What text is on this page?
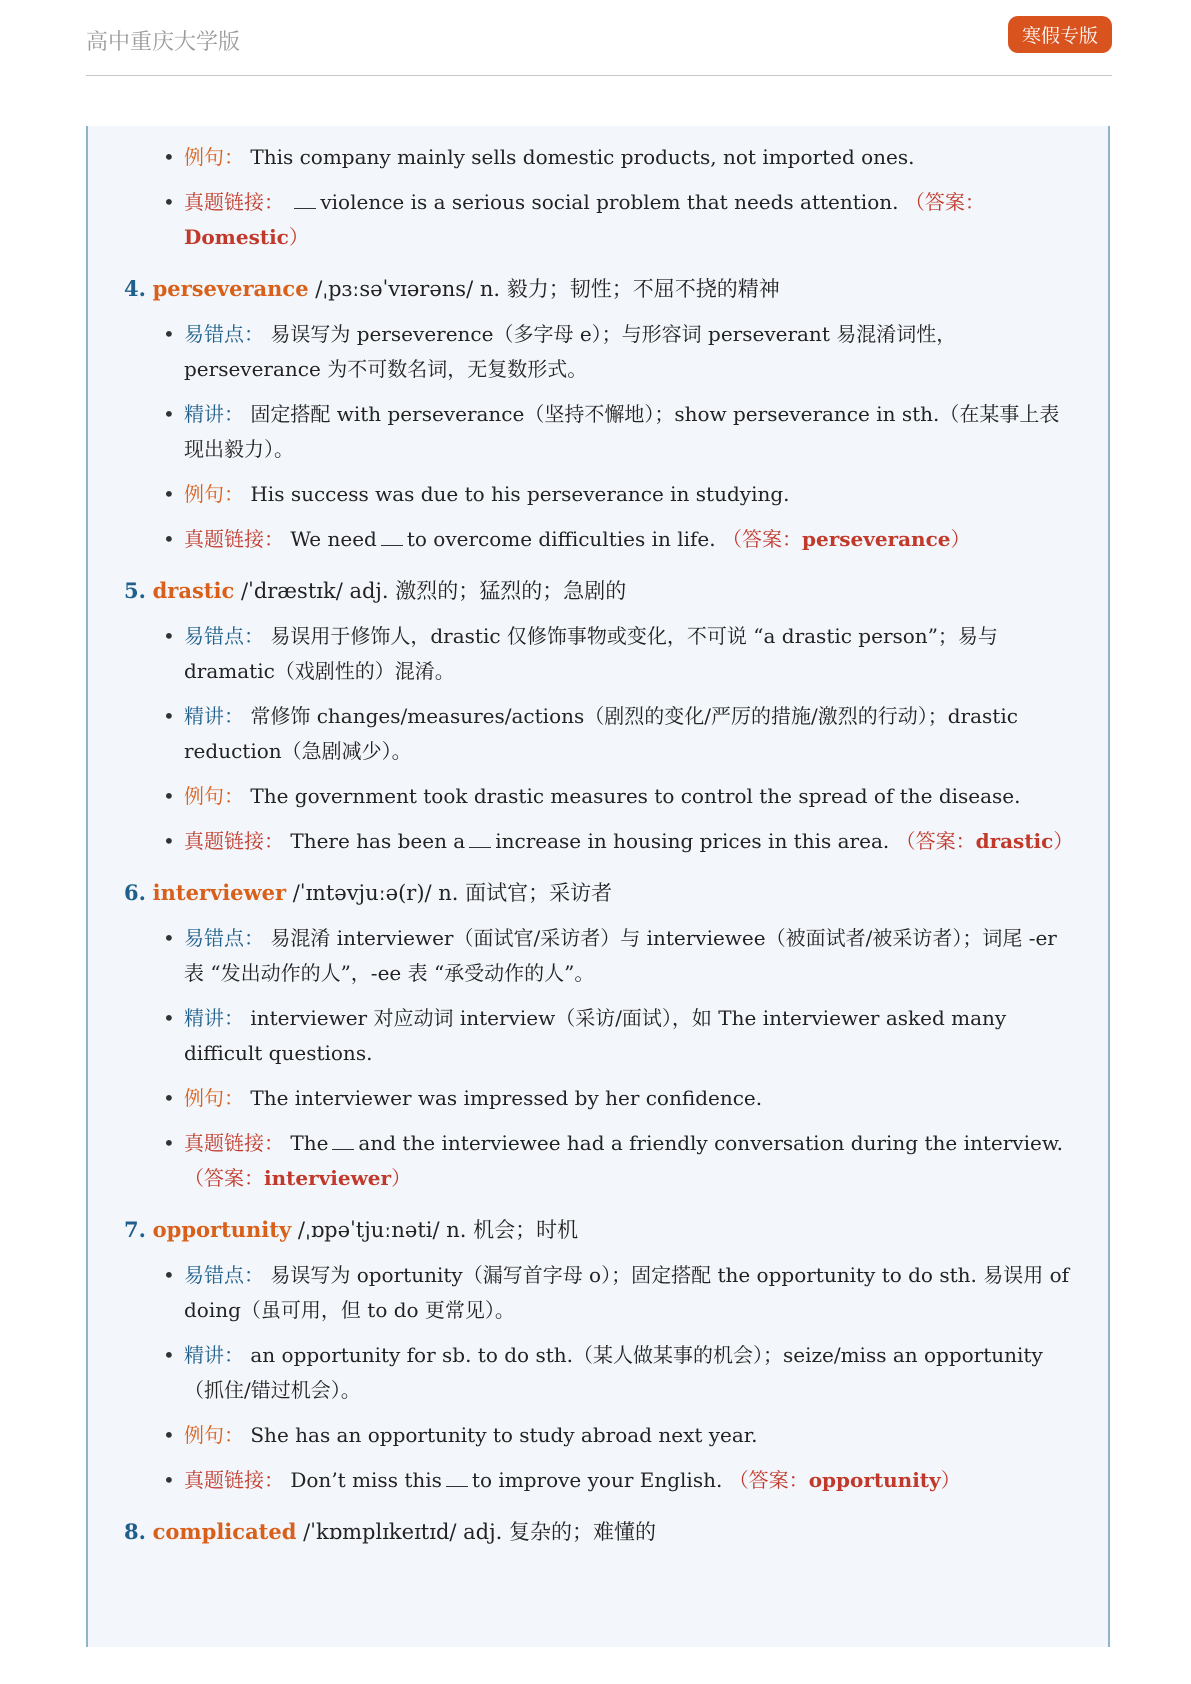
高中重庆大学版	寒假专版
• 例句： This company mainly sells domestic products, not imported ones.
• 真题链接： violence is a serious social problem that needs attention. （答案：Domestic）
4. perseverance /ˌpɜːsəˈvɪərəns/ n. 毅力；韧性；不屈不挠的精神
• 易错点： 易误写为 perseverence（多字母 e）；与形容词 perseverant 易混淆词性，perseverance 为不可数名词，无复数形式。
• 精讲： 固定搭配 with perseverance（坚持不懈地）；show perseverance in sth.（在某事上表现出毅力）。
• 例句： His success was due to his perseverance in studying.
• 真题链接： We need to overcome difficulties in life. （答案：perseverance）
5. drastic /ˈdræstɪk/ adj. 激烈的；猛烈的；急剧的
• 易错点： 易误用于修饰人，drastic 仅修饰事物或变化，不可说 “a drastic person”；易与 dramatic（戏剧性的）混淆。
• 精讲： 常修饰 changes/measures/actions（剧烈的变化/严厉的措施/激烈的行动）；drastic reduction（急剧减少）。
• 例句： The government took drastic measures to control the spread of the disease.
• 真题链接： There has been a increase in housing prices in this area. （答案：drastic）
6. interviewer /ˈɪntəvjuːə(r)/ n. 面试官；采访者
• 易错点： 易混淆 interviewer（面试官/采访者）与 interviewee（被面试者/被采访者）；词尾 -er 表 “发出动作的人”，-ee 表 “承受动作的人”。
• 精讲： interviewer 对应动词 interview（采访/面试），如 The interviewer asked many difficult questions.
• 例句： The interviewer was impressed by her confidence.
• 真题链接： The and the interviewee had a friendly conversation during the interview. （答案：interviewer）
7. opportunity /ˌɒpəˈtjuːnəti/ n. 机会；时机
• 易错点： 易误写为 oportunity（漏写首字母 o）；固定搭配 the opportunity to do sth. 易误用 of doing（虽可用，但 to do 更常见）。
• 精讲： an opportunity for sb. to do sth.（某人做某事的机会）；seize/miss an opportunity（抓住/错过机会）。
• 例句： She has an opportunity to study abroad next year.
• 真题链接： Don’t miss this to improve your English. （答案：opportunity）
8. complicated /ˈkɒmplɪkeɪtɪd/ adj. 复杂的；难懂的
